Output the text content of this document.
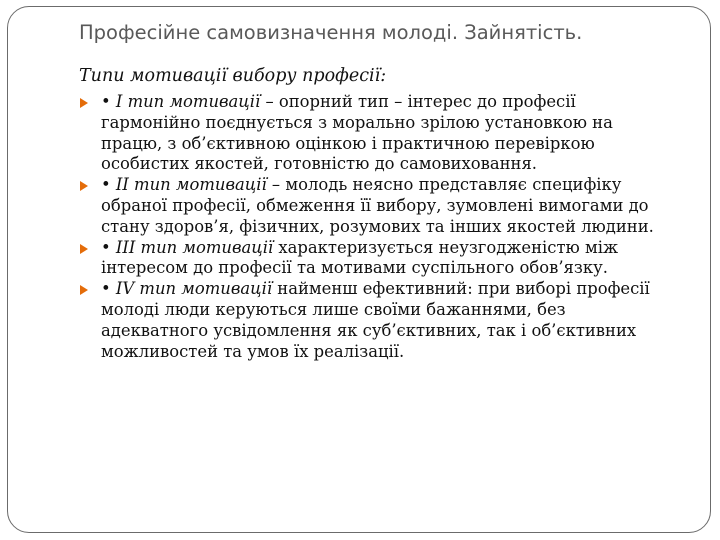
Професійне самовизначення молоді. Зайнятість.
Типи мотивації вибору професії:
• I тип мотивації – опорний тип – інтерес до професії гармонійно поєднується з морально зрілою установкою на працю, з об’єктивною оцінкою і практичною перевіркою особистих якостей, готовністю до самовиховання.
• II тип мотивації – молодь неясно представляє специфіку обраної професії, обмеження її вибору, зумовлені вимогами до стану здоров’я, фізичних, розумових та інших якостей людини.
• III тип мотивації характеризується неузгодженістю між інтересом до професії та мотивами суспільного обов’язку.
• IV тип мотивації найменш ефективний: при виборі професії молоді люди керуються лише своїми бажаннями, без адекватного усвідомлення як суб’єктивних, так і об’єктивних можливостей та умов їх реалізації.
